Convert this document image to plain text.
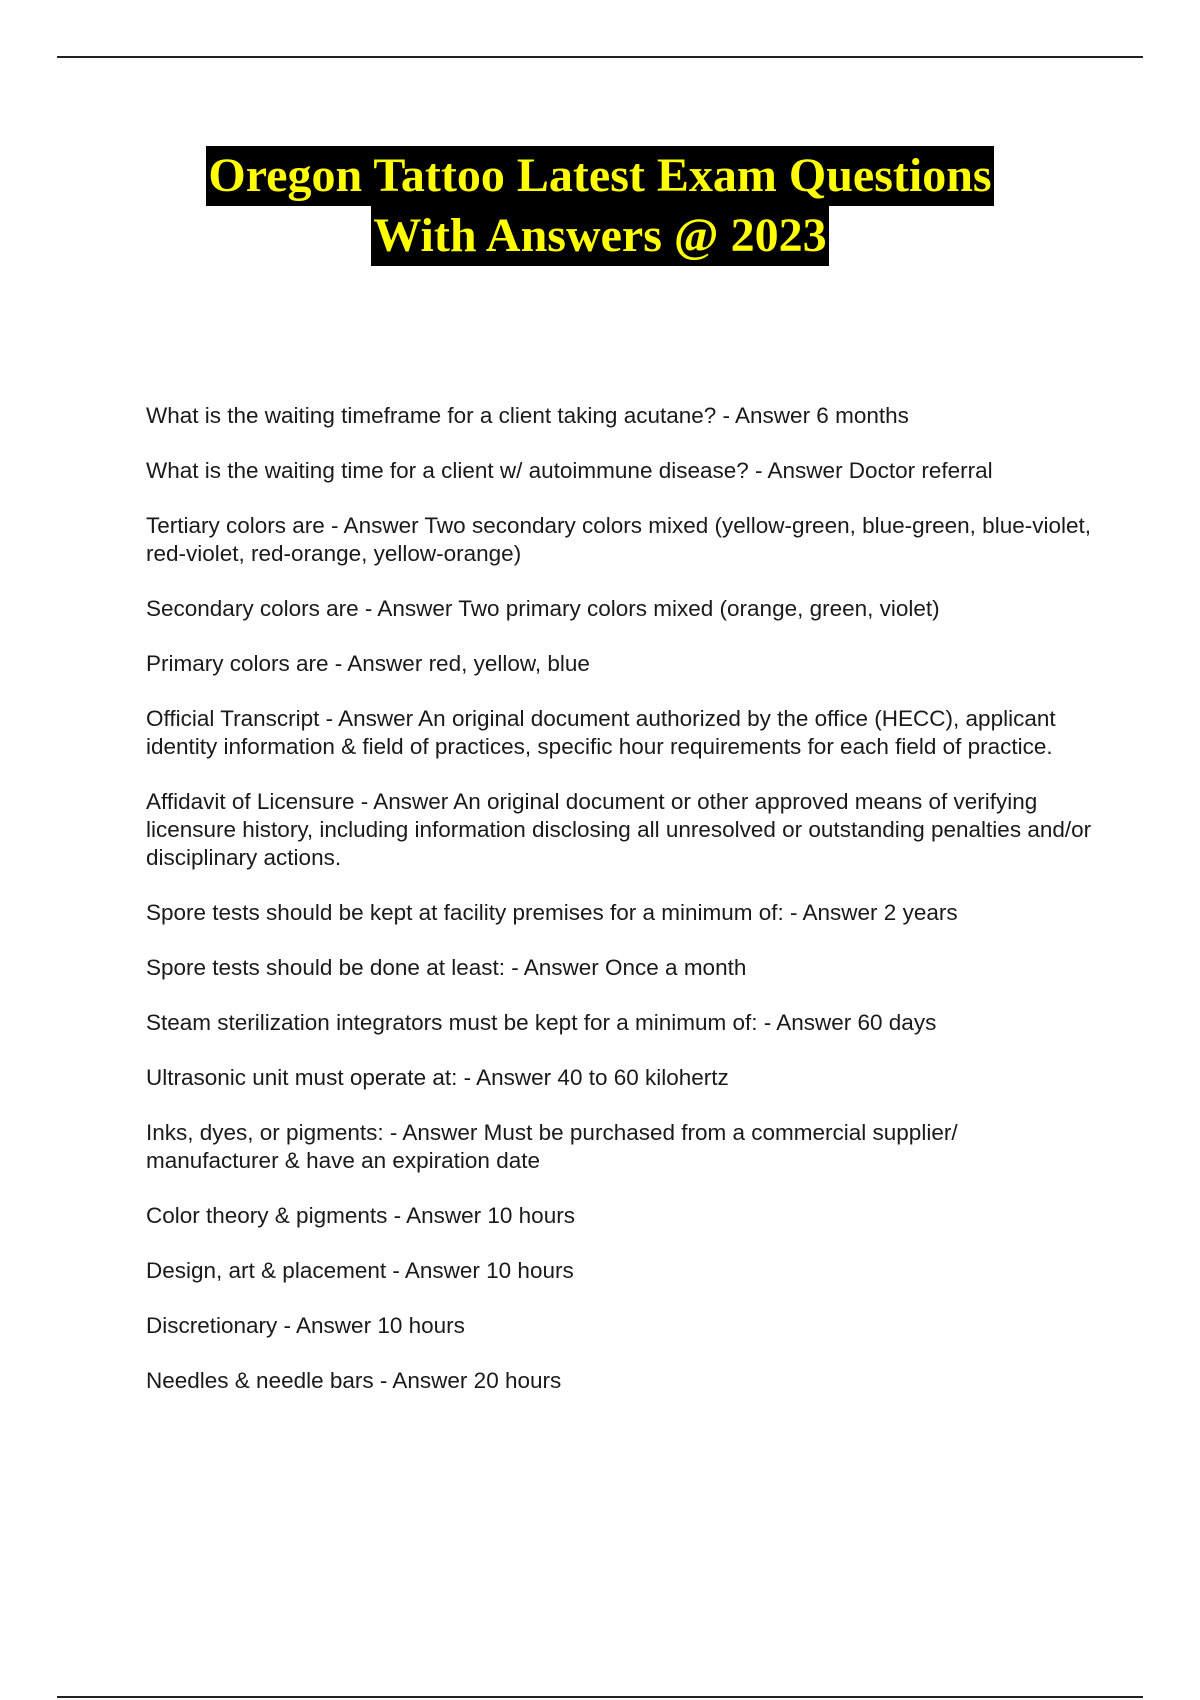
Oregon Tattoo Latest Exam Questions
With Answers @ 2023
What is the waiting timeframe for a client taking acutane? - Answer 6 months
What is the waiting time for a client w/ autoimmune disease? - Answer Doctor referral
Tertiary colors are - Answer Two secondary colors mixed (yellow-green, blue-green, blue-violet, red-violet, red-orange, yellow-orange)
Secondary colors are - Answer Two primary colors mixed (orange, green, violet)
Primary colors are - Answer red, yellow, blue
Official Transcript - Answer An original document authorized by the office (HECC), applicant identity information & field of practices, specific hour requirements for each field of practice.
Affidavit of Licensure - Answer An original document or other approved means of verifying licensure history, including information disclosing all unresolved or outstanding penalties and/or disciplinary actions.
Spore tests should be kept at facility premises for a minimum of: - Answer 2 years
Spore tests should be done at least: - Answer Once a month
Steam sterilization integrators must be kept for a minimum of: - Answer 60 days
Ultrasonic unit must operate at: - Answer 40 to 60 kilohertz
Inks, dyes, or pigments: - Answer Must be purchased from a commercial supplier/ manufacturer & have an expiration date
Color theory & pigments - Answer 10 hours
Design, art & placement - Answer 10 hours
Discretionary - Answer 10 hours
Needles & needle bars - Answer 20 hours
